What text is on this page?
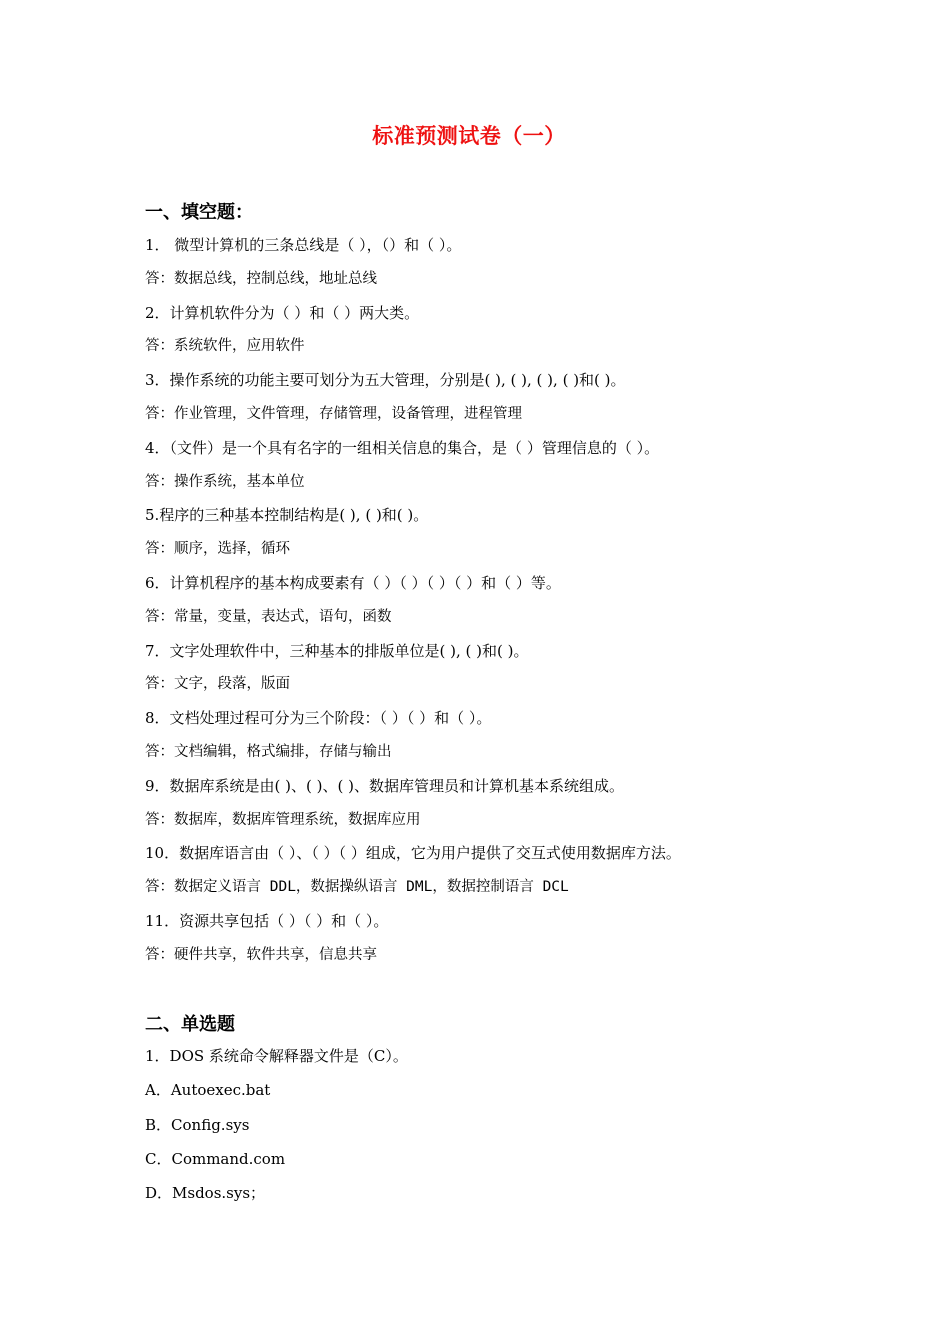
标准预测试卷（一）
一、填空题：
1． 微型计算机的三条总线是（ ），（）和（ ）。
答：数据总线，控制总线，地址总线
2．计算机软件分为（ ）和（ ）两大类。
答：系统软件，应用软件
3．操作系统的功能主要可划分为五大管理，分别是( ), ( ), ( ), ( )和( )。
答：作业管理，文件管理，存储管理，设备管理，进程管理
4．（文件）是一个具有名字的一组相关信息的集合，是（ ）管理信息的（ ）。
答：操作系统，基本单位
5.程序的三种基本控制结构是( ), ( )和( )。
答：顺序，选择，循环
6．计算机程序的基本构成要素有（ ）（ ）（ ）（ ）和（ ）等。
答：常量，变量，表达式，语句，函数
7．文字处理软件中，三种基本的排版单位是( ), ( )和( )。
答：文字，段落，版面
8．文档处理过程可分为三个阶段：（ ）（ ）和（ ）。
答：文档编辑，格式编排，存储与输出
9．数据库系统是由( )、( )、( )、数据库管理员和计算机基本系统组成。
答：数据库，数据库管理系统，数据库应用
10．数据库语言由（ ）、（ ）（ ）组成，它为用户提供了交互式使用数据库方法。
答：数据定义语言 DDL，数据操纵语言 DML，数据控制语言 DCL
11．资源共享包括（ ）（ ）和（ ）。
答：硬件共享，软件共享，信息共享
二、单选题
1．DOS 系统命令解释器文件是（C）。
A．Autoexec.bat
B．Config.sys
C．Command.com
D．Msdos.sys；
